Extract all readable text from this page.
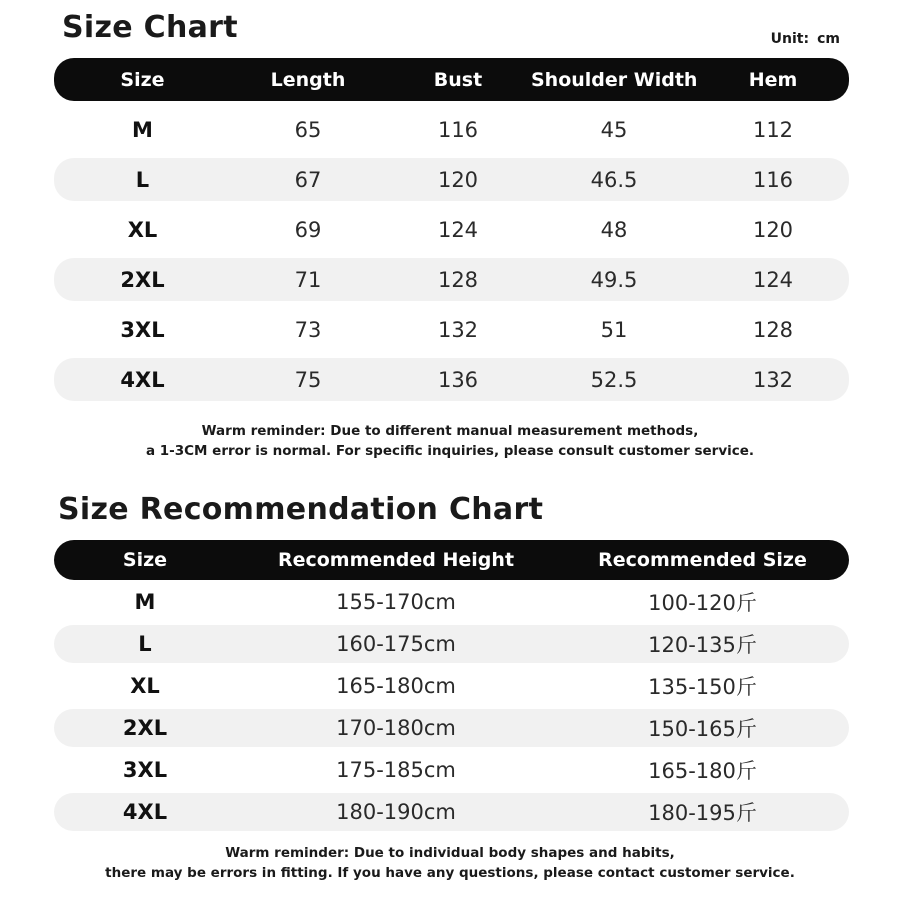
Size Chart	Unit: cm
Size	Length	Bust	Shoulder Width	Hem
M	65	116	45	112
L	67	120	46.5	116
XL	69	124	48	120
2XL	71	128	49.5	124
3XL	73	132	51	128
4XL	75	136	52.5	132
Warm reminder: Due to different manual measurement methods,
a 1-3CM error is normal. For specific inquiries, please consult customer service.
Size Recommendation Chart
Size	Recommended Height	Recommended Size
M	155-170cm	100-120斤
L	160-175cm	120-135斤
XL	165-180cm	135-150斤
2XL	170-180cm	150-165斤
3XL	175-185cm	165-180斤
4XL	180-190cm	180-195斤
Warm reminder: Due to individual body shapes and habits,
there may be errors in fitting. If you have any questions, please contact customer service.
